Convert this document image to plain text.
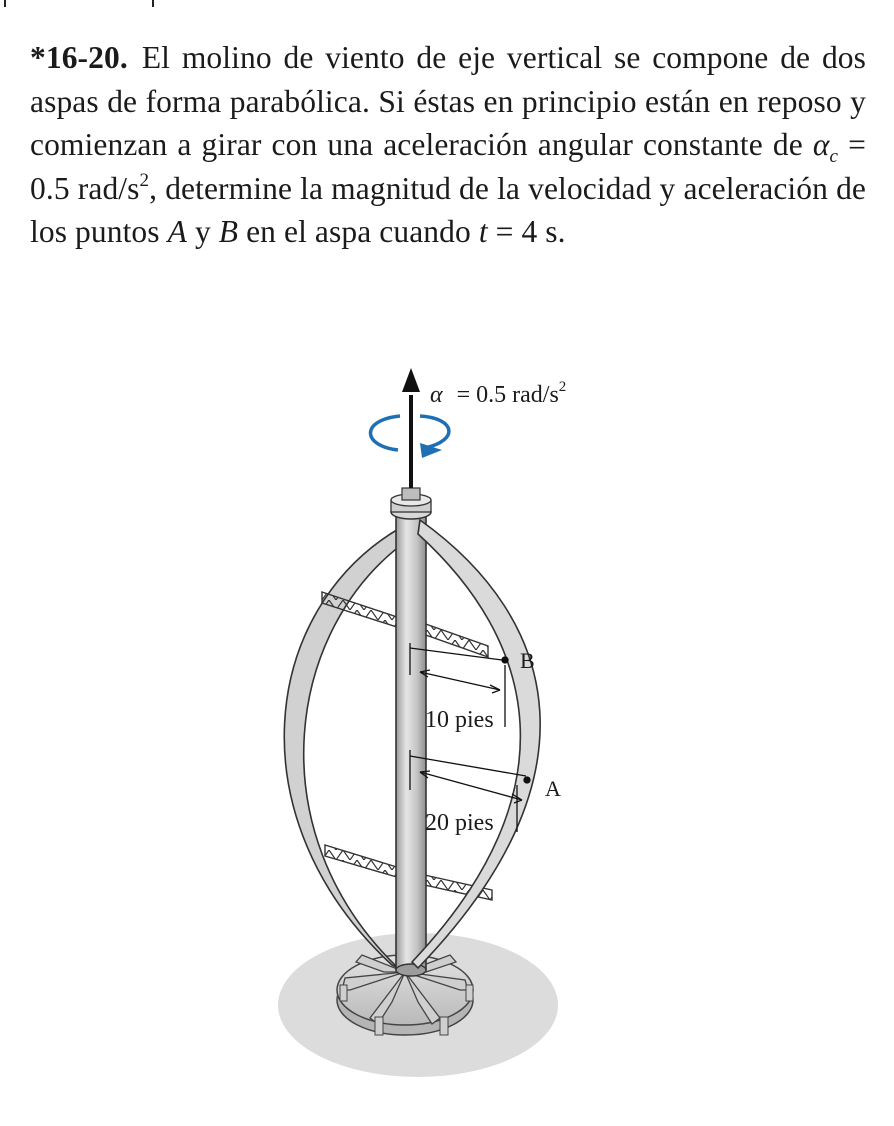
*16-20. El molino de viento de eje vertical se compone de dos aspas de forma parabólica. Si éstas en principio están en reposo y comienzan a girar con una aceleración angular constante de $\alpha_c = 0.5$ rad/$s^2$, determine la magnitud de la velocidad y aceleración de los puntos A y B en el aspa cuando t = 4 s.
α = 0.5 rad/$s^2$
B
10 pies
A
20 pies
